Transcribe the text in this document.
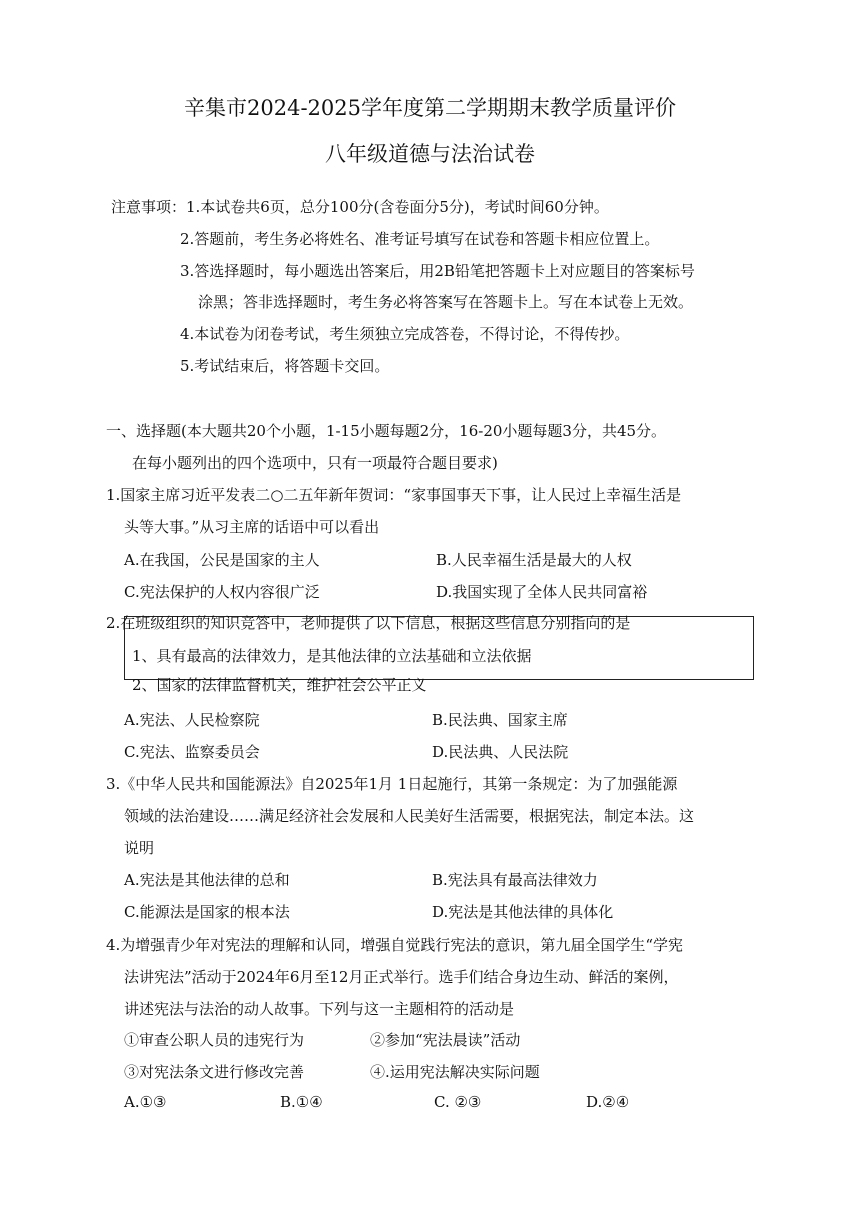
辛集市2024-2025学年度第二学期期末教学质量评价
八年级道德与法治试卷
注意事项：1.本试卷共6页，总分100分(含卷面分5分)，考试时间60分钟。
2.答题前，考生务必将姓名、准考证号填写在试卷和答题卡相应位置上。
3.答选择题时，每小题选出答案后，用2B铅笔把答题卡上对应题目的答案标号
涂黑；答非选择题时，考生务必将答案写在答题卡上。写在本试卷上无效。
4.本试卷为闭卷考试，考生须独立完成答卷，不得讨论，不得传抄。
5.考试结束后，将答题卡交回。
一、选择题(本大题共20个小题，1-15小题每题2分，16-20小题每题3分，共45分。
在每小题列出的四个选项中，只有一项最符合题目要求)
1.国家主席习近平发表二○二五年新年贺词：“家事国事天下事，让人民过上幸福生活是
头等大事。”从习主席的话语中可以看出
A.在我国，公民是国家的主人	B.人民幸福生活是最大的人权
C.宪法保护的人权内容很广泛	D.我国实现了全体人民共同富裕
2.在班级组织的知识竞答中，老师提供了以下信息，根据这些信息分别指向的是
1、具有最高的法律效力，是其他法律的立法基础和立法依据
2、国家的法律监督机关，维护社会公平正义
A.宪法、人民检察院	B.民法典、国家主席
C.宪法、监察委员会	D.民法典、人民法院
3.《中华人民共和国能源法》自2025年1月 1日起施行，其第一条规定：为了加强能源
领域的法治建设……满足经济社会发展和人民美好生活需要，根据宪法，制定本法。这
说明
A.宪法是其他法律的总和	B.宪法具有最高法律效力
C.能源法是国家的根本法	D.宪法是其他法律的具体化
4.为增强青少年对宪法的理解和认同，增强自觉践行宪法的意识，第九届全国学生“学宪
法讲宪法”活动于2024年6月至12月正式举行。选手们结合身边生动、鲜活的案例，
讲述宪法与法治的动人故事。下列与这一主题相符的活动是
①审查公职人员的违宪行为	②参加“宪法晨读”活动
③对宪法条文进行修改完善	④.运用宪法解决实际问题
A.①③	B.①④	C. ②③	D.②④
